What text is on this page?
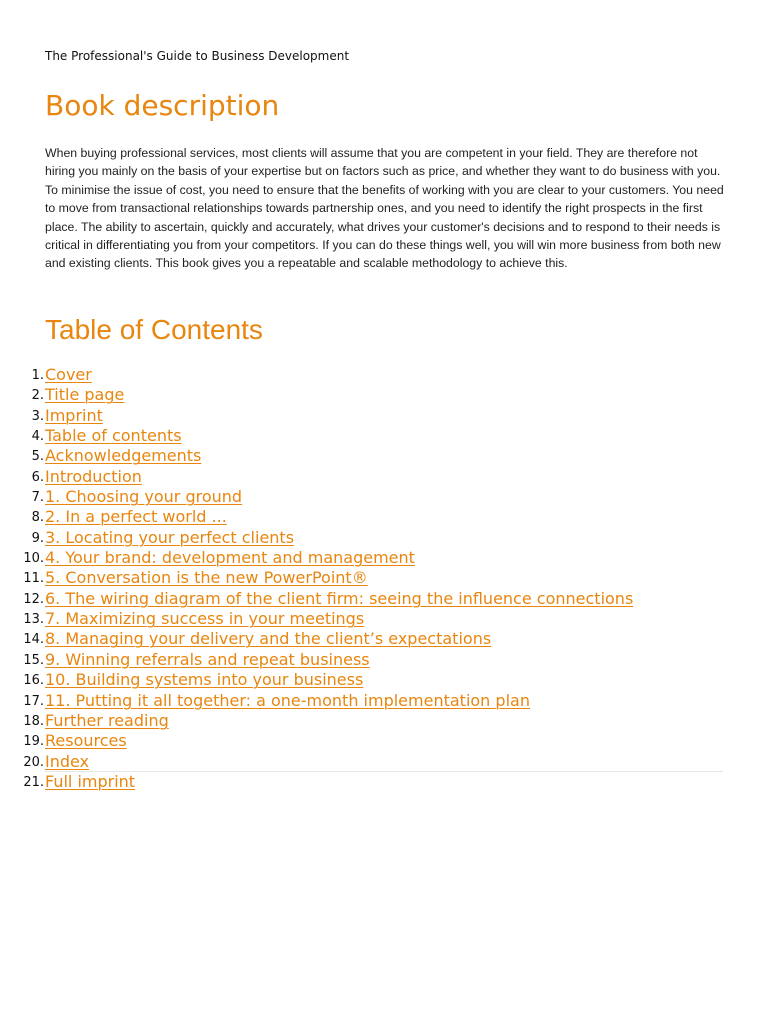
The Professional's Guide to Business Development
Book description

When buying professional services, most clients will assume that you are competent in your field. They are therefore not hiring you mainly on the basis of your expertise but on factors such as price, and whether they want to do business with you. To minimise the issue of cost, you need to ensure that the benefits of working with you are clear to your customers. You need to move from transactional relationships towards partnership ones, and you need to identify the right prospects in the first place. The ability to ascertain, quickly and accurately, what drives your customer's decisions and to respond to their needs is critical in differentiating you from your competitors. If you can do these things well, you will win more business from both new and existing clients. This book gives you a repeatable and scalable methodology to achieve this.

Table of Contents
1. Cover
2. Title page
3. Imprint
4. Table of contents
5. Acknowledgements
6. Introduction
7. 1. Choosing your ground
8. 2. In a perfect world ...
9. 3. Locating your perfect clients
10. 4. Your brand: development and management
11. 5. Conversation is the new PowerPoint®
12. 6. The wiring diagram of the client firm: seeing the influence connections
13. 7. Maximizing success in your meetings
14. 8. Managing your delivery and the client’s expectations
15. 9. Winning referrals and repeat business
16. 10. Building systems into your business
17. 11. Putting it all together: a one-month implementation plan
18. Further reading
19. Resources
20. Index
21. Full imprint
